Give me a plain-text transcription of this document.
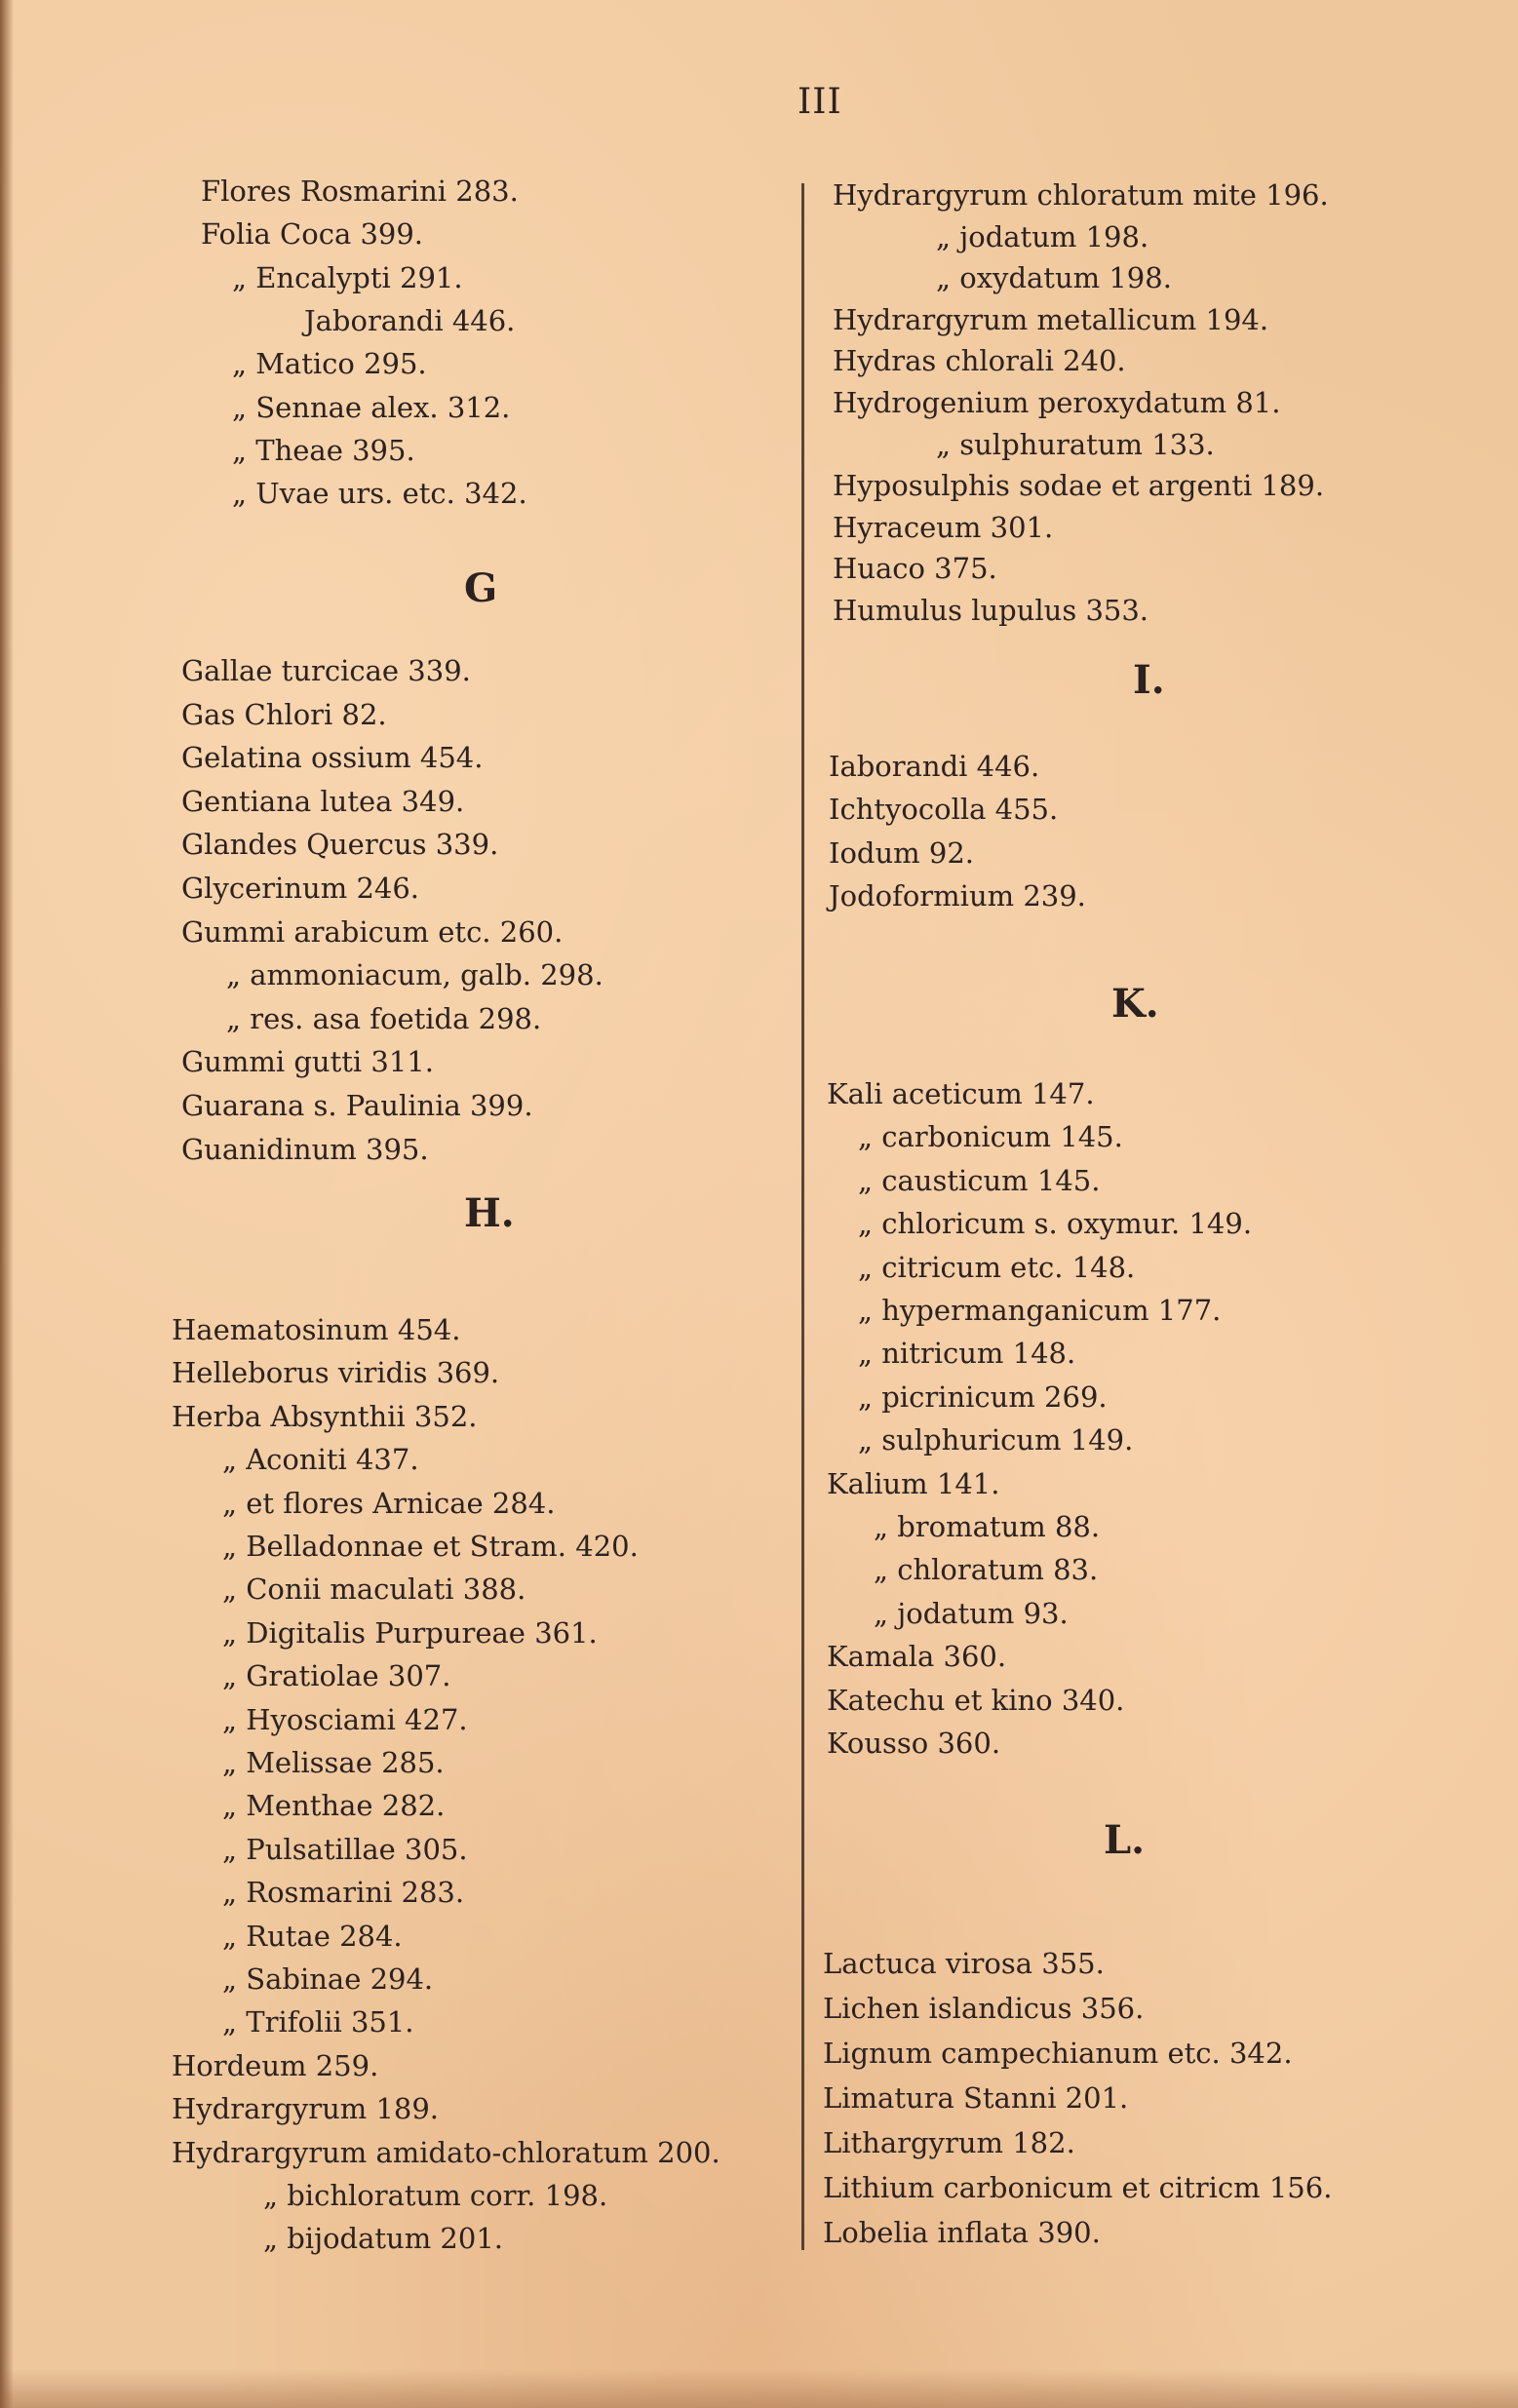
III
Flores Rosmarini 283.
Folia Coca 399.
„ Encalypti 291.
Jaborandi 446.
„ Matico 295.
„ Sennae alex. 312.
„ Theae 395.
„ Uvae urs. etc. 342.
G
Gallae turcicae 339.
Gas Chlori 82.
Gelatina ossium 454.
Gentiana lutea 349.
Glandes Quercus 339.
Glycerinum 246.
Gummi arabicum etc. 260.
„ ammoniacum, galb. 298.
„ res. asa foetida 298.
Gummi gutti 311.
Guarana s. Paulinia 399.
Guanidinum 395.
H.
Haematosinum 454.
Helleborus viridis 369.
Herba Absynthii 352.
„ Aconiti 437.
„ et flores Arnicae 284.
„ Belladonnae et Stram. 420.
„ Conii maculati 388.
„ Digitalis Purpureae 361.
„ Gratiolae 307.
„ Hyosciami 427.
„ Melissae 285.
„ Menthae 282.
„ Pulsatillae 305.
„ Rosmarini 283.
„ Rutae 284.
„ Sabinae 294.
„ Trifolii 351.
Hordeum 259.
Hydrargyrum 189.
Hydrargyrum amidato-chloratum 200.
„ bichloratum corr. 198.
„ bijodatum 201.
Hydrargyrum chloratum mite 196.
„ jodatum 198.
„ oxydatum 198.
Hydrargyrum metallicum 194.
Hydras chlorali 240.
Hydrogenium peroxydatum 81.
„ sulphuratum 133.
Hyposulphis sodae et argenti 189.
Hyraceum 301.
Huaco 375.
Humulus lupulus 353.
I.
Iaborandi 446.
Ichtyocolla 455.
Iodum 92.
Jodoformium 239.
K.
Kali aceticum 147.
„ carbonicum 145.
„ causticum 145.
„ chloricum s. oxymur. 149.
„ citricum etc. 148.
„ hypermanganicum 177.
„ nitricum 148.
„ picrinicum 269.
„ sulphuricum 149.
Kalium 141.
„ bromatum 88.
„ chloratum 83.
„ jodatum 93.
Kamala 360.
Katechu et kino 340.
Kousso 360.
L.
Lactuca virosa 355.
Lichen islandicus 356.
Lignum campechianum etc. 342.
Limatura Stanni 201.
Lithargyrum 182.
Lithium carbonicum et citricm 156.
Lobelia inflata 390.
